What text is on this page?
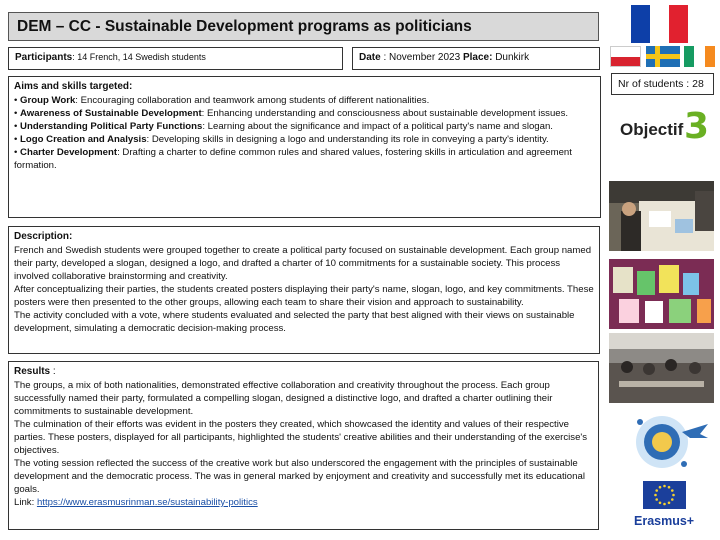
DEM – CC - Sustainable Development programs as politicians
Participants: 14 French, 14 Swedish students	Date : November 2023 Place: Dunkirk
Aims and skills targeted:
• Group Work: Encouraging collaboration and teamwork among students of different nationalities.
• Awareness of Sustainable Development: Enhancing understanding and consciousness about sustainable development issues.
• Understanding Political Party Functions: Learning about the significance and impact of a political party's name and slogan.
• Logo Creation and Analysis: Developing skills in designing a logo and understanding its role in conveying a party's identity.
• Charter Development: Drafting a charter to define common rules and shared values, fostering skills in articulation and agreement formation.
Description:

French and Swedish students were grouped together to create a political party focused on sustainable development. Each group named their party, developed a slogan, designed a logo, and drafted a charter of 10 commitments for a sustainable society. This process involved collaborative brainstorming and creativity.

After conceptualizing their parties, the students created posters displaying their party's name, slogan, logo, and key commitments. These posters were then presented to the other groups, allowing each team to share their vision and approach to sustainability.

The activity concluded with a vote, where students evaluated and selected the party that best aligned with their views on sustainable development, simulating a democratic decision-making process.

Results :

The groups, a mix of both nationalities, demonstrated effective collaboration and creativity throughout the process. Each group successfully named their party, formulated a compelling slogan, designed a distinctive logo, and drafted a charter outlining their commitments to sustainable development.

The culmination of their efforts was evident in the posters they created, which showcased the identity and values of their respective parties. These posters, displayed for all participants, highlighted the students' creative abilities and their understanding of the exercise's objectives.

The voting session reflected the success of the creative work but also underscored the engagement with the principles of sustainable development and the democratic process. The was in general marked by enjoyment and creativity and successfully met its educational goals.

Link: https://www.erasmusrinman.se/sustainability-politics

Nr of students : 28
Objectif 3
Erasmus+
